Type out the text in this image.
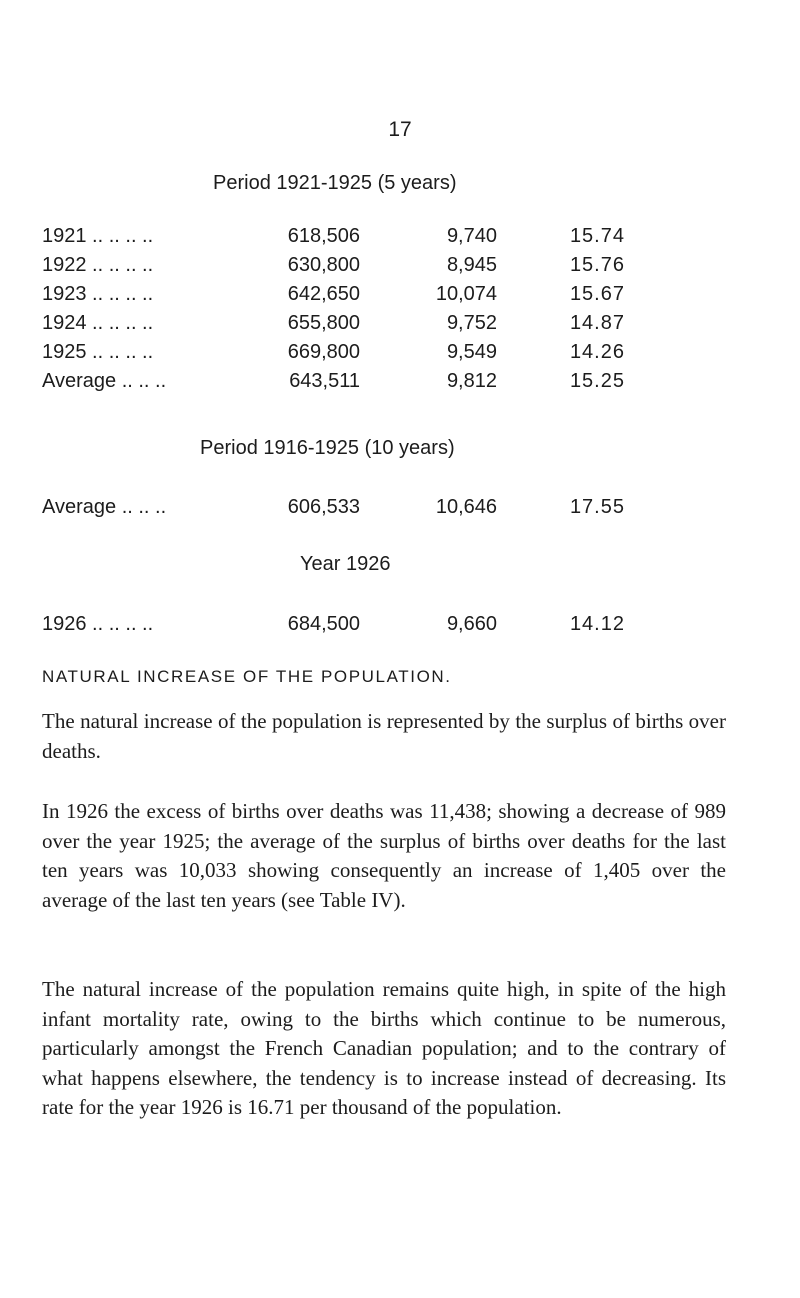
17
Period 1921-1925 (5 years)
1921 .. .. .. ..	618,506	9,740	15.74
1922 .. .. .. ..	630,800	8,945	15.76
1923 .. .. .. ..	642,650	10,074	15.67
1924 .. .. .. ..	655,800	9,752	14.87
1925 .. .. .. ..	669,800	9,549	14.26
Average .. .. ..	643,511	9,812	15.25
Period 1916-1925 (10 years)
Average .. .. ..	606,533	10,646	17.55
Year 1926
1926 .. .. .. ..	684,500	9,660	14.12
NATURAL INCREASE OF THE POPULATION.

The natural increase of the population is represented by the surplus of births over deaths.

In 1926 the excess of births over deaths was 11,438; showing a decrease of 989 over the year 1925; the average of the surplus of births over deaths for the last ten years was 10,033 showing consequently an increase of 1,405 over the average of the last ten years (see Table IV).

The natural increase of the population remains quite high, in spite of the high infant mortality rate, owing to the births which continue to be numerous, particularly amongst the French Canadian population; and to the contrary of what happens elsewhere, the tendency is to increase instead of decreasing. Its rate for the year 1926 is 16.71 per thousand of the population.
